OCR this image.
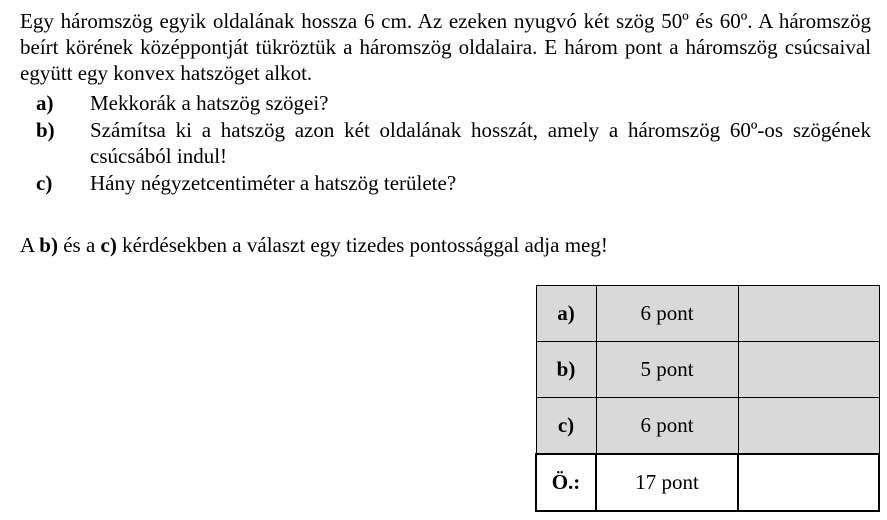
Egy háromszög egyik oldalának hossza 6 cm. Az ezeken nyugvó két szög 50º és 60º. A háromszög beírt körének középpontját tükröztük a háromszög oldalaira. E három pont a háromszög csúcsaival együtt egy konvex hatszöget alkot.
a) Mekkorák a hatszög szögei?
b) Számítsa ki a hatszög azon két oldalának hosszát, amely a háromszög 60º-os szögének csúcsából indul!
c) Hány négyzetcentiméter a hatszög területe?
A b) és a c) kérdésekben a választ egy tizedes pontossággal adja meg!
a)	6 pont	
b)	5 pont	
c)	6 pont	
Ö.:	17 pont	
